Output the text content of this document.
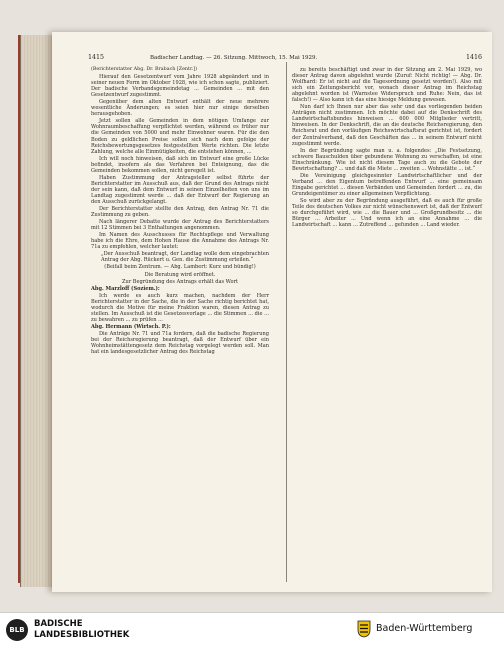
1415	Badischer Landtag. — 26. Sitzung. Mittwoch, 15. Mai 1929.	1416

(Berichterstatter Abg. Dr. Brabach [Zentr.])

Hierauf den Gesetzentwurf vom Jahre 1928 abgeändert und in seiner neuen Form im Oktober 1928, wie ich schon sagte, publiziert. Der badische Verbandsgemeindetag ... Gemeinden ... mit den Gesetzentwurf zugestimmt.

Gegenüber dem alten Entwurf enthält der neue mehrere wesentliche Änderungen; es seien hier nur einige derselben herausgehoben.

Jetzt sollen alle Gemeinden in dem nötigen Umfange zur Wohnraumbeschaffung verpflichtet werden, während es früher nur die Gemeinden von 5000 und mehr Einwohner waren. Für die den Boden zu geldlichen Preise sollen sich nach dem gefolge der Reichsbewertungsgesetzes festgestellten Werte richten. Die letzte Zahlung, welche alle Einmütigkeiten, die entstehen können, ...

Ich will noch hinweisen, daß sich im Entwurf eine große Lücke befindet, insofern als das Verfahren bei Enteignung, das die Gemeinden bekommen sollen, nicht geregelt ist.

Haben Zustimmung der Antragsteller selbst führte der Berichterstatter im Ausschuß aus, daß der Grund des Antrags nicht der sein kann, daß dem Entwurf in seinen Einzelheiten von uns im Landtag zugestimmt werde ... daß der Entwurf der Regierung an den Ausschuß zurückgelangt.

Der Berichterstatter stellte den Antrag, den Antrag Nr. 71 die Zustimmung zu geben.

Nach längerer Debatte wurde der Antrag des Berichterstatters mit 12 Stimmen bei 3 Enthaltungen angenommen.

Im Namen des Ausschusses für Rechtspflege und Verwaltung habe ich die Ehre, dem Hohen Hause die Annahme des Antrags Nr. 71a zu empfehlen, welcher lautet:

„Der Ausschuß beantragt, der Landtag wolle dem eingebrachten Antrag der Abg. Rückert u. Gen. die Zustimmung erteilen.“

(Beifall beim Zentrum. — Abg. Lambert: Kurz und bündig!)

Die Beratung wird eröffnet.

Zur Begründung des Antrags erhält das Wort

Abg. Marzloff (Soziem.):

Ich werde es auch kurz machen, nachdem der Herr Berichterstatter in der Sache, die in der Sache richtig berichtet hat, wodurch die Motive für meine Fraktion waren, diesen Antrag zu stellen. Im Ausschuß ist die Gesetzesvorlage ... die Stimmen ... die ... zu bewahren ... zu prüfen ...

Abg. Hermann (Wirtsch. P.):

Die Anträge Nr. 71 und 71a fordern, daß die badische Regierung bei der Reichsregierung beantragt, daß der Entwurf über ein Wohnheimstättengesetz dem Reichstag vorgelegt werden soll. Man hat ein landesgesetzlicher Antrag des Reichstag

zu bereits beschäftigt und zwar in der Sitzung am 2. Mai 1929, wo dieser Antrag davon abgelehnt wurde (Zuruf: Nicht richtig! — Abg. Dr. Wolfhard: Er ist nicht auf die Tagesordnung gesetzt worden!). Also mit sich ein Zeitungsbericht vor, wonach dieser Antrag im Reichstag abgelehnt worden ist (Warnstee Widerspruch und Ruhe: Nein, das ist falsch!) — Also kann ich das eine hiesige Meldung gewesen.

Nun darf ich Ihnen nur aber das sehr und das vorliegenden beiden Anträgen nicht zustimmen. Ich möchte dabei auf die Denkschrift des Landwirtschaftsbundes hinweisen ... 600 000 Mitglieder vertritt, hinweisen. In der Denkschrift, die an die deutsche Reichsregierung, den Reichsrat und den vorläufigen Reichswirtschaftsrat gerichtet ist, fordert der Zentralverband, daß den Geschäften das ... in seinem Entwurf nicht zugestimmt werde.

In der Begründung sagte man u. a. folgendes: „Die Festsetzung, schwere Bauschulden über gebundene Wohnung zu verschaffen, ist eine Einschränkung. Wie ist nicht diesem Tage auch zu die Gebote der Bewirtschaftung? ... und daß die Miete ... zweiten ... Wohnstätte ... ist.“

Die Vereinigung gleichgesinnter Landwirtschaftlicher und der Verband ... den Eigentum betreffenden Entwurf ... eine gemeinsam Eingabe gerichtet ... diesen Verbänden und Gemeinden fordert ... zu, die Grundeigentümer zu einer allgemeinen Verpflichtung.

So wird aber zu der Begründung ausgeführt, daß es auch für große Teile des deutschen Volkes zur nicht wünschenswert ist, daß der Entwurf so durchgeführt wird, wie ... die Bauer und ... Großgrundbesitz ... die Bürger ... Arbeiter ... Und wenn ich an eine Annahme ... die Landwirtschaft ... kann ... Zutreffend ... gefunden ... Land wieder.

BLB
BADISCHE
LANDESBIBLIOTHEK
Baden-Württemberg
